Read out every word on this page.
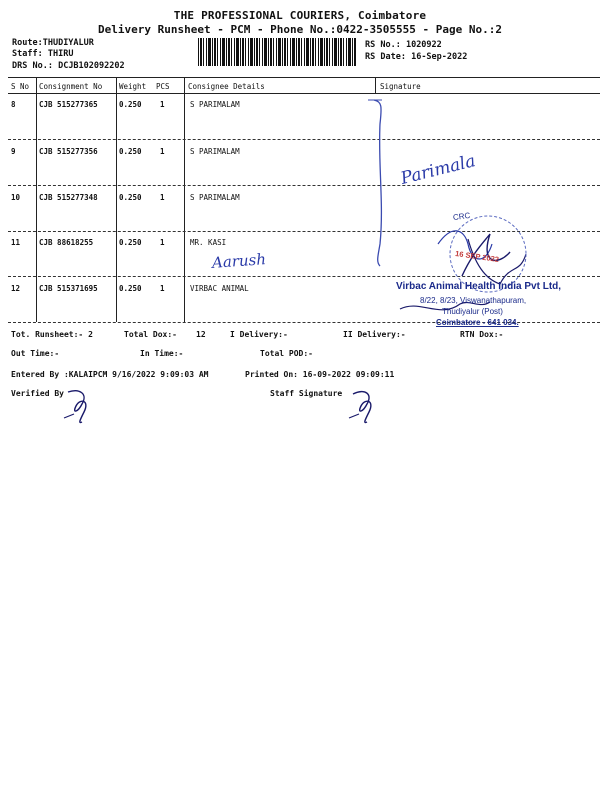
THE PROFESSIONAL COURIERS, Coimbatore
Delivery Runsheet - PCM - Phone No.:0422-3505555 - Page No.:2
Route:THUDIYALUR
Staff: THIRU
DRS No.: DCJB102092202
RS No.: 1020922
RS Date: 16-Sep-2022
S No Consignment No Weight PCS Consignee Details	Signature
8	CJB 515277365	0.250 1	S PARIMALAM
9	CJB 515277356	0.250 1	S PARIMALAM
10	CJB 515277348	0.250 1	S PARIMALAM
11	CJB 88618255	0.250 1	MR. KASI
12	CJB 515371695	0.250 1	VIRBAC ANIMAL
Parimala
Aarush
CRC
16 SEP 2022
Virbac Animal Health India Pvt Ltd,
8/22, 8/23, Viswanathapuram,
Thudiyalur (Post)
Coimbatore - 641 034.
Tot. Runsheet:- 2	Total Dox:- 12	I Delivery:-	II Delivery:-	RTN Dox:-
Out Time:-	In Time:-	Total POD:-
Entered By :KALAIPCM 9/16/2022 9:09:03 AM	Printed On: 16-09-2022 09:09:11
Verified By	Staff Signature
